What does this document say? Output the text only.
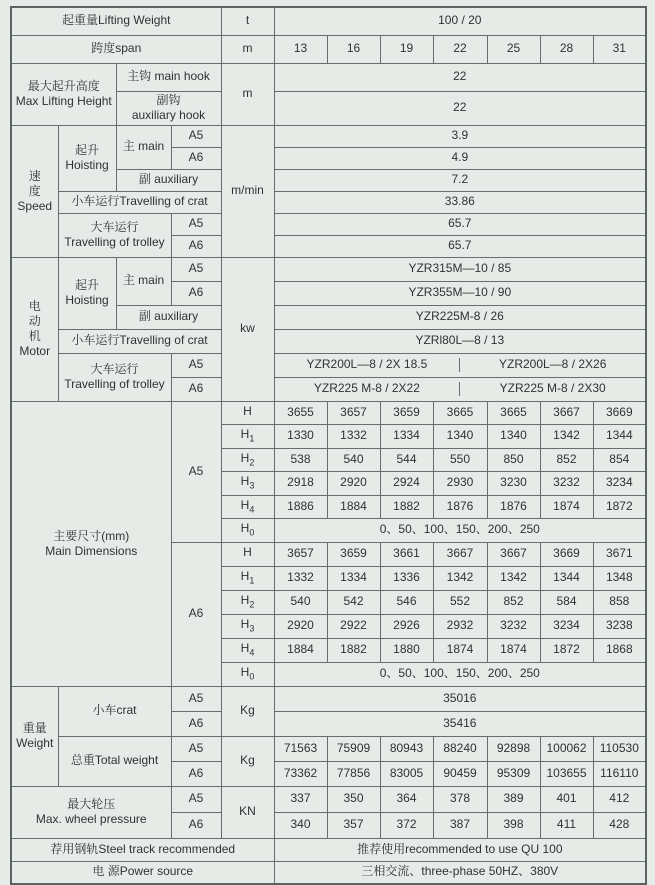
起重量Lifting Weight				t	100 / 20						
跨度span				m	13	16	19	22	25	28	31

最大起升高度
Max Lifting Height		主钩 main hook		m	22						

		副钩
auxiliary hook			22						

速
度
Speed	起升
Hoisting	主 main	A5	m/min	3.9						
			A6		4.9						
		副 auxiliary			7.2						
	小车运行Travelling of crat				33.86						

	大车运行
Travelling of trolley		A5		65.7						
			A6		65.7						

电
动
机
Motor	起升
Hoisting	主 main	A5	kw	YZR315M—10 / 85						
			A6		YZR355M—10 / 90						
		副 auxiliary			YZR225M-8 / 26						
	小车运行Travelling of crat				YZRl80L—8 / 13						

	大车运行
Travelling of trolley		A5		YZR200L—8 / 2X 18.5 YZR200L—8 / 2X26						

			A6		YZR225 M-8 / 2X22 YZR225 M-8 / 2X30						

主要尺寸(mm)
Main Dimensions			A5	H	3655	3657	3659	3665	3665	3667	3669
				$H_1$	1330	1332	1334	1340	1340	1342	1344
				$H_2$	538	540	544	550	850	852	854
				$H_3$	2918	2920	2924	2930	3230	3232	3234
				$H_4$	1886	1884	1882	1876	1876	1874	1872
				$H_0$	0、50、100、150、200、250						
			A6	H	3657	3659	3661	3667	3667	3669	3671
				$H_1$	1332	1334	1336	1342	1342	1344	1348
				$H_2$	540	542	546	552	852	584	858
				$H_3$	2920	2922	2926	2932	3232	3234	3238
				$H_4$	1884	1882	1880	1874	1874	1872	1868
				$H_0$	0、50、100、150、200、250						

重量
Weight	小车crat		A5	Kg	35016						
			A6		35416						
	总重Total weight		A5	Kg	71563	75909	80943	88240	92898	100062	110530
			A6		73362	77856	83005	90459	95309	103655	116110

最大轮压
Max. wheel pressure			A5	KN	337	350	364	378	389	401	412
			A6		340	357	372	387	398	411	428
荐用钢轨Steel track recommended					推荐使用recommended to use QU 100						
电 源Power source					三相交流、three-phase 50HZ、380V						
